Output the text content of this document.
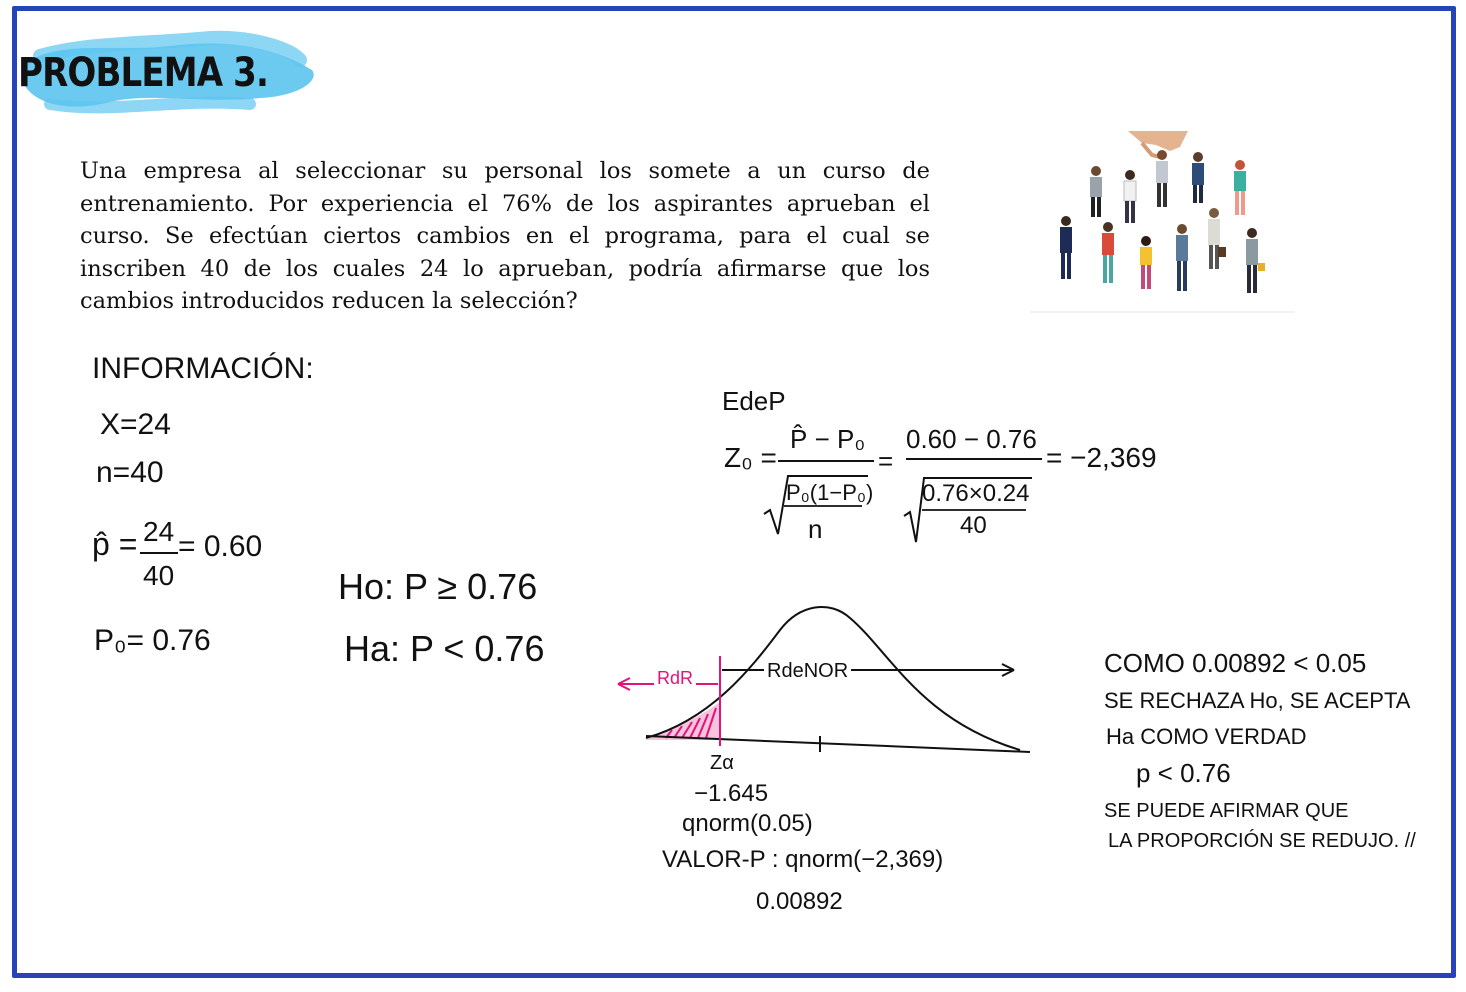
PROBLEMA 3.
Una empresa al seleccionar su personal los somete a un curso de entrenamiento. Por experiencia el 76% de los aspirantes aprueban el curso. Se efectúan ciertos cambios en el programa, para el cual se inscriben 40 de los cuales 24 lo aprueban, podría afirmarse que los cambios introducidos reducen la selección?
INFORMACIÓN:
X=24
n=40
p̂ = 24
40
= 0.60
P₀= 0.76
Ho: P ≥ 0.76
Ha: P < 0.76
EdeP
Z₀ =
P̂ − P₀
P₀(1−P₀)
n
=
0.60 − 0.76
0.76×0.24
40
= −2,369
RdR	RdeNOR
Zα
−1.645
qnorm(0.05)
VALOR-P : qnorm(−2,369)
0.00892
COMO 0.00892 < 0.05
SE RECHAZA Ho, SE ACEPTA
Ha COMO VERDAD
p < 0.76
SE PUEDE AFIRMAR QUE
LA PROPORCIÓN SE REDUJO. //
